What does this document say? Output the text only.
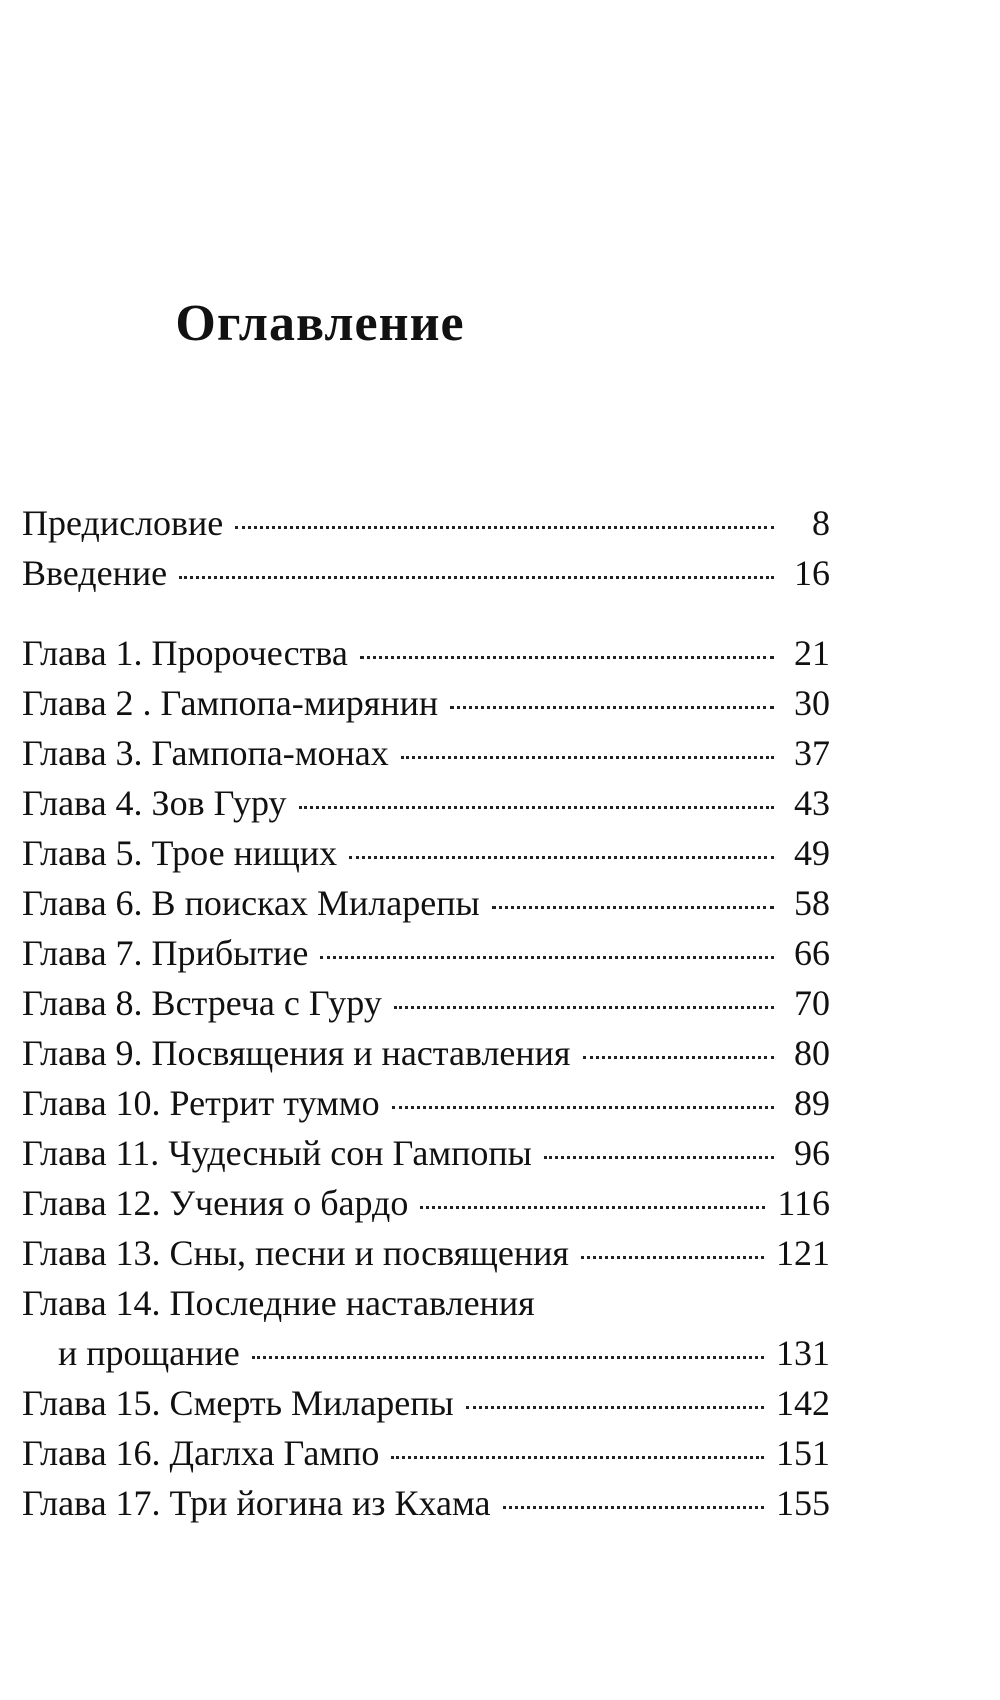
Оглавление
Предисловие	8
Введение	16
Глава 1. Пророчества	21
Глава 2 . Гампопа-мирянин	30
Глава 3. Гампопа-монах	37
Глава 4. Зов Гуру	43
Глава 5. Трое нищих	49
Глава 6. В поисках Миларепы	58
Глава 7. Прибытие	66
Глава 8. Встреча с Гуру	70
Глава 9. Посвящения и наставления	80
Глава 10. Ретрит туммо	89
Глава 11. Чудесный сон Гампопы	96
Глава 12. Учения о бардо	116
Глава 13. Сны, песни и посвящения	121
Глава 14. Последние наставления
и прощание	131
Глава 15. Смерть Миларепы	142
Глава 16. Даглха Гампо	151
Глава 17. Три йогина из Кхама	155
